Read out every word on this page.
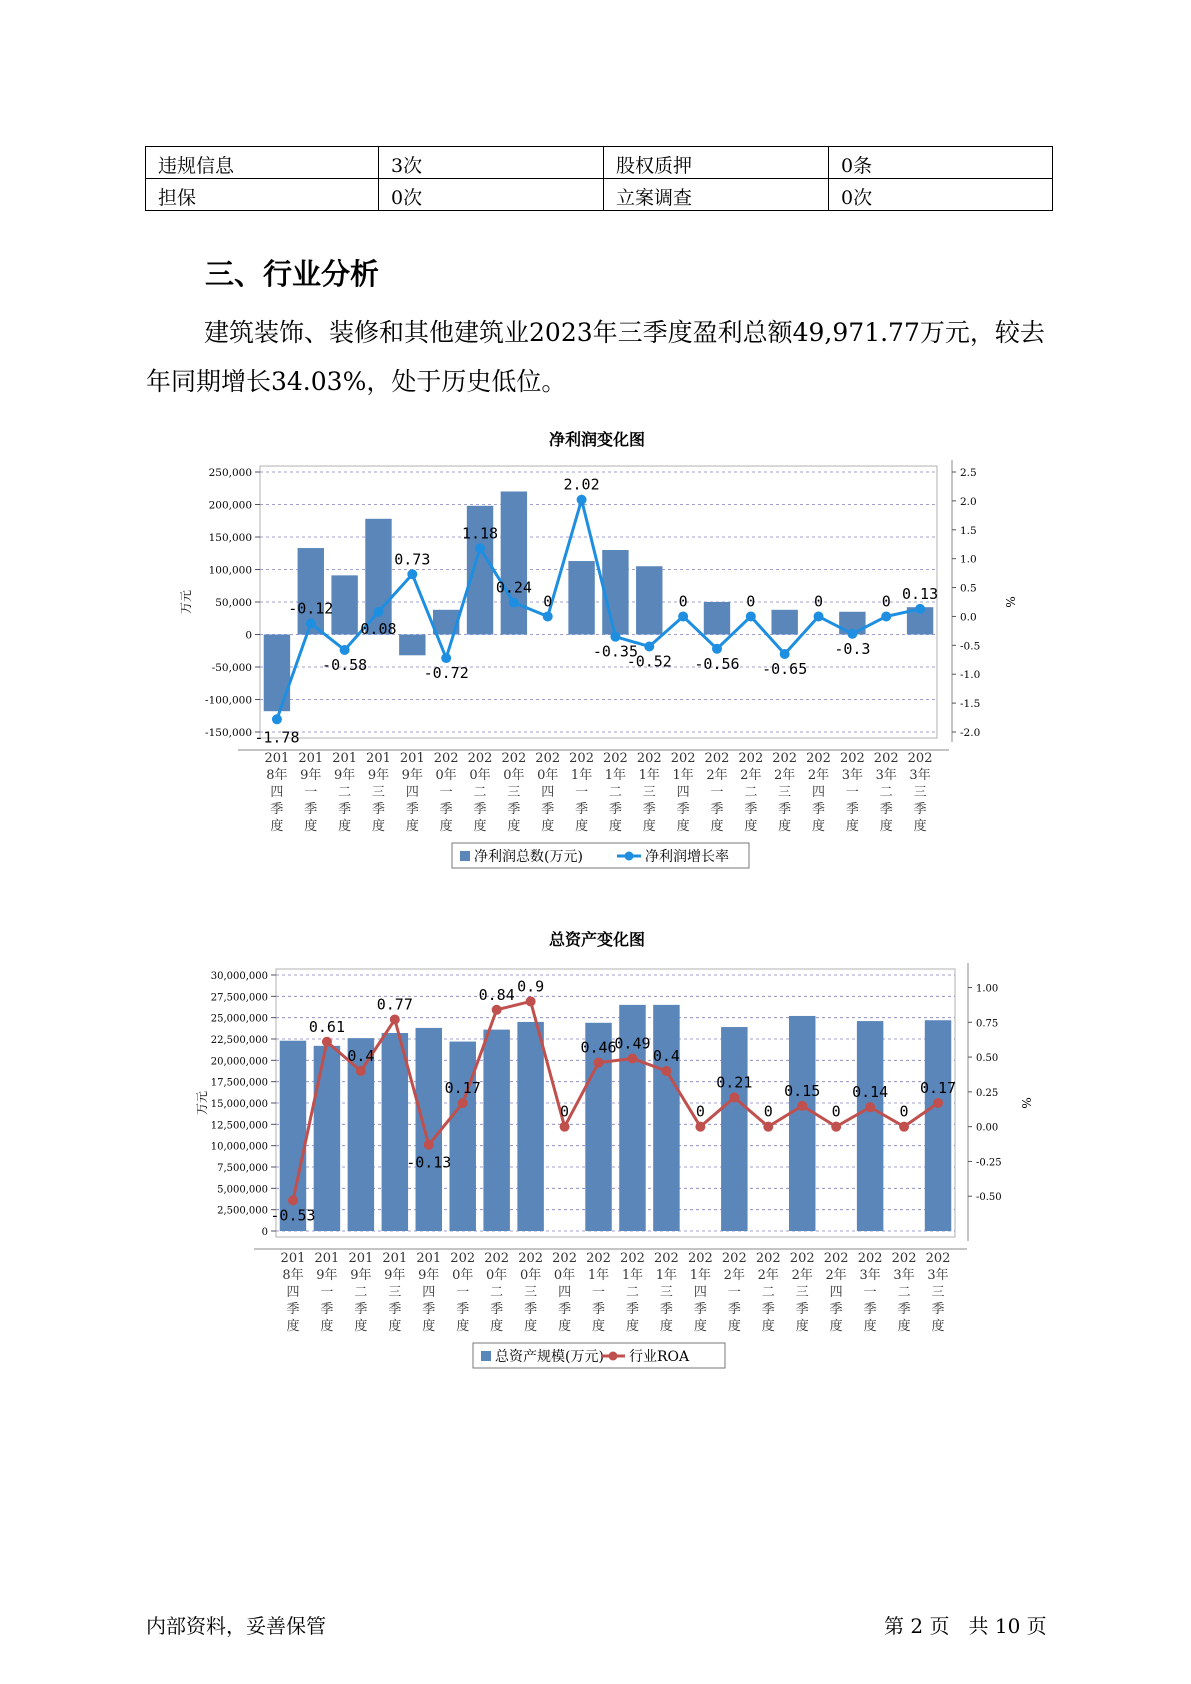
违规信息	3次	股权质押	0条
担保	0次	立案调查	0次
三、行业分析
建筑装饰、装修和其他建筑业2023年三季度盈利总额49,971.77万元，较去年同期增长34.03%，处于历史低位。
净利润变化图
250,000
200,000
150,000
100,000
50,000
0
-50,000
-100,000
-150,000
万元
2.5
2.0
1.5
1.0
0.5
0.0
-0.5
-1.0
-1.5
-2.0
%
-1.78
-0.12
-0.58
0.08
0.73
-0.72
1.18
0.24
0
2.02
-0.35
-0.52
0
-0.56
0
-0.65
0
-0.3
0 0.13
201
8年
四
季
度
201
9年
一
季
度
201
9年
二
季
度
201
9年
三
季
度
201
9年
四
季
度
202
0年
一
季
度
202
0年
二
季
度
202
0年
三
季
度
202
0年
四
季
度
202
1年
一
季
度
202
1年
二
季
度
202
1年
三
季
度
202
1年
四
季
度
202
2年
一
季
度
202
2年
二
季
度
202
2年
三
季
度
202
2年
四
季
度
202
3年
一
季
度
202
3年
二
季
度
202
3年
三
季
度
净利润总数(万元)	净利润增长率
总资产变化图
30,000,000
27,500,000
25,000,000
22,500,000
20,000,000
17,500,000
15,000,000
12,500,000
10,000,000
7,500,000
5,000,000
2,500,000
0
万元
1.00
0.75
0.50
0.25
0.00
-0.25
-0.50
%
-0.53
0.61
0.4
0.77
-0.13
0.17
0.84 0.9
0
0.46
0.49
0.4
0
0.21
0
0.15
0
0.14
0
0.17
201
8年
四
季
度
201
9年
一
季
度
201
9年
二
季
度
201
9年
三
季
度
201
9年
四
季
度
202
0年
一
季
度
202
0年
二
季
度
202
0年
三
季
度
202
0年
四
季
度
202
1年
一
季
度
202
1年
二
季
度
202
1年
三
季
度
202
1年
四
季
度
202
2年
一
季
度
202
2年
二
季
度
202
2年
三
季
度
202
2年
四
季
度
202
3年
一
季
度
202
3年
二
季
度
202
3年
三
季
度
总资产规模(万元) 行业ROA
内部资料，妥善保管	第 2 页   共 10 页
